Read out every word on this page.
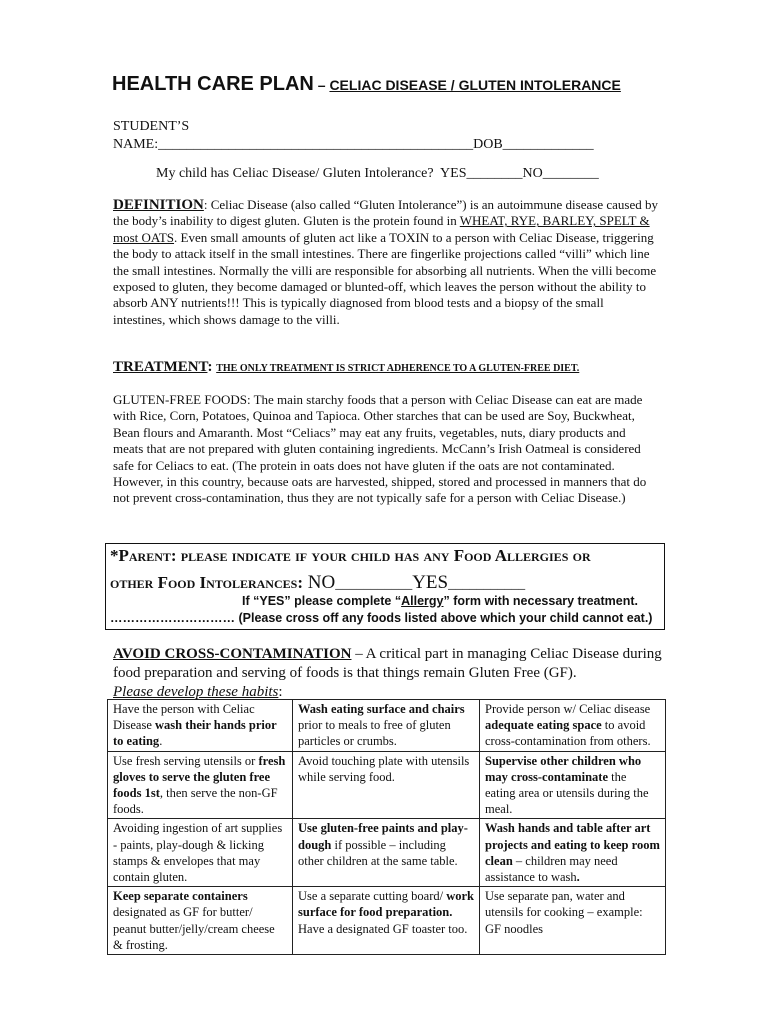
HEALTH CARE PLAN – CELIAC DISEASE / GLUTEN INTOLERANCE
STUDENT’S
NAME:_____________________________________________DOB_____________
My child has Celiac Disease/ Gluten Intolerance?  YES________NO________
DEFINITION: Celiac Disease (also called “Gluten Intolerance”) is an autoimmune disease caused by the body’s inability to digest gluten. Gluten is the protein found in WHEAT, RYE, BARLEY, SPELT & most OATS. Even small amounts of gluten act like a TOXIN to a person with Celiac Disease, triggering the body to attack itself in the small intestines. There are fingerlike projections called “villi” which line the small intestines. Normally the villi are responsible for absorbing all nutrients. When the villi become exposed to gluten, they become damaged or blunted-off, which leaves the person without the ability to absorb ANY nutrients!!! This is typically diagnosed from blood tests and a biopsy of the small intestines, which shows damage to the villi.
TREATMENT: THE ONLY TREATMENT IS STRICT ADHERENCE TO A GLUTEN-FREE DIET.
GLUTEN-FREE FOODS: The main starchy foods that a person with Celiac Disease can eat are made with Rice, Corn, Potatoes, Quinoa and Tapioca. Other starches that can be used are Soy, Buckwheat, Bean flours and Amaranth. Most “Celiacs” may eat any fruits, vegetables, nuts, diary products and meats that are not prepared with gluten containing ingredients. McCann’s Irish Oatmeal is considered safe for Celiacs to eat. (The protein in oats does not have gluten if the oats are not contaminated. However, in this country, because oats are harvested, shipped, stored and processed in manners that do not prevent cross-contamination, thus they are not typically safe for a person with Celiac Disease.)
*Parent: please indicate if your child has any Food Allergies or
other Food Intolerances: NO___________YES___________
If “YES” please complete “Allergy” form with necessary treatment.
………………………… (Please cross off any foods listed above which your child cannot eat.)
AVOID CROSS-CONTAMINATION – A critical part in managing Celiac Disease during food preparation and serving of foods is that things remain Gluten Free (GF).
Please develop these habits:
Have the person with Celiac Disease wash their hands prior to eating.	Wash eating surface and chairs prior to meals to free of gluten particles or crumbs.	Provide person w/ Celiac disease adequate eating space to avoid cross-contamination from others.
Use fresh serving utensils or fresh gloves to serve the gluten free foods 1st, then serve the non-GF foods.	Avoid touching plate with utensils while serving food.	Supervise other children who may cross-contaminate the eating area or utensils during the meal.
Avoiding ingestion of art supplies - paints, play-dough & licking stamps & envelopes that may contain gluten.	Use gluten-free paints and play-dough if possible – including other children at the same table.	Wash hands and table after art projects and eating to keep room clean – children may need assistance to wash.
Keep separate containers designated as GF for butter/ peanut butter/jelly/cream cheese & frosting.	Use a separate cutting board/ work surface for food preparation. Have a designated GF toaster too.	Use separate pan, water and utensils for cooking – example: GF noodles
